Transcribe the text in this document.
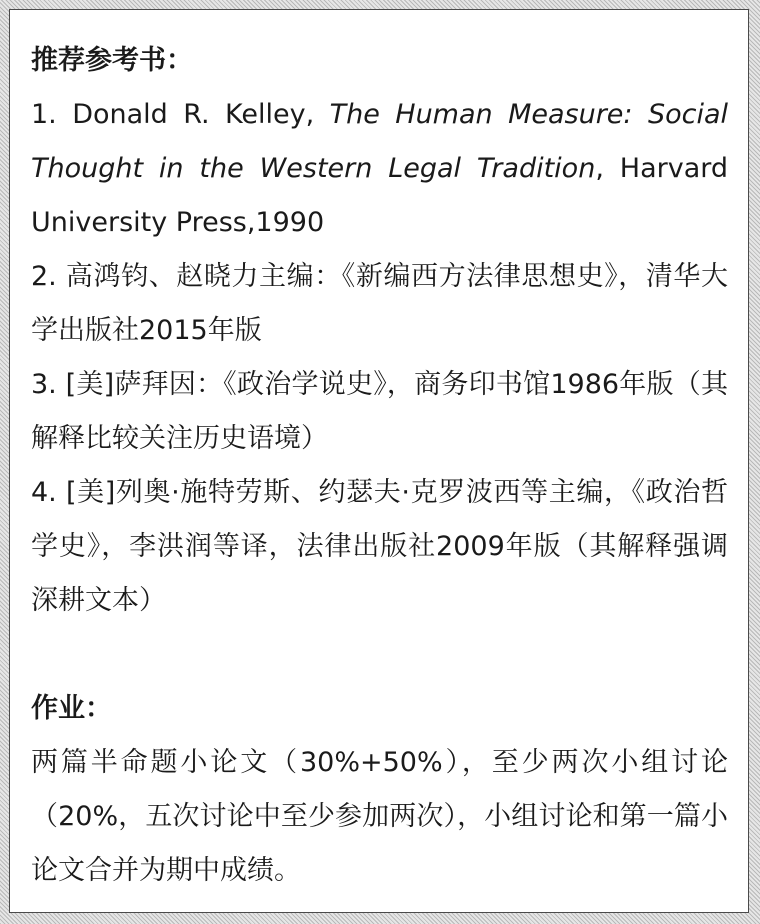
推荐参考书：

1. Donald R. Kelley, The Human Measure: Social Thought in the Western Legal Tradition, Harvard University Press,1990

2. 高鸿钧、赵晓力主编：《新编西方法律思想史》，清华大学出版社2015年版

3. [美]萨拜因：《政治学说史》，商务印书馆1986年版（其解释比较关注历史语境）

4. [美]列奥·施特劳斯、约瑟夫·克罗波西等主编，《政治哲学史》，李洪润等译，法律出版社2009年版（其解释强调深耕文本）

作业：

两篇半命题小论文（30%+50%），至少两次小组讨论（20%，五次讨论中至少参加两次），小组讨论和第一篇小论文合并为期中成绩。
